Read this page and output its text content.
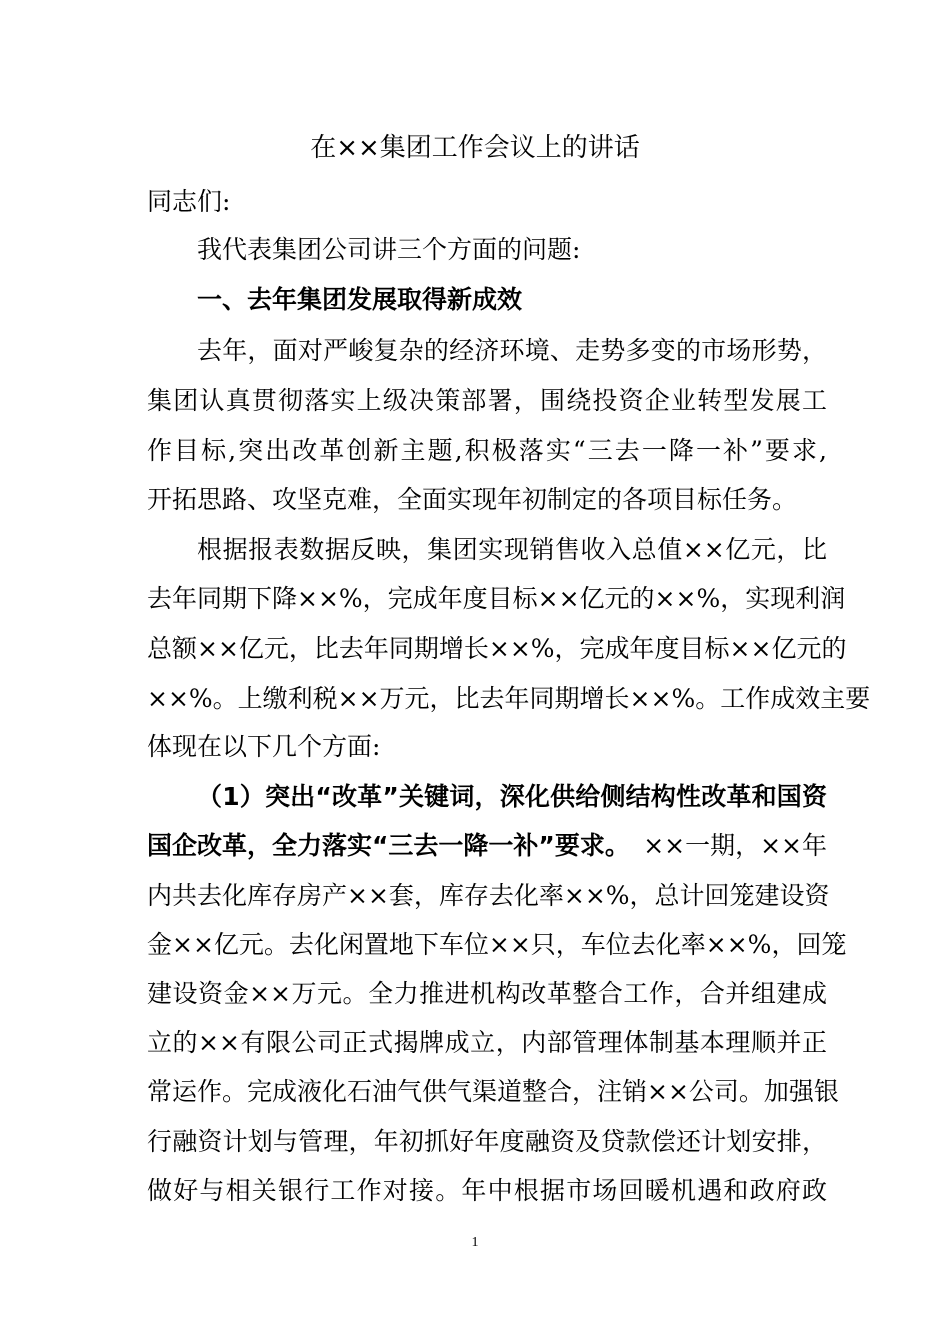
在××集团工作会议上的讲话
同志们:
我代表集团公司讲三个方面的问题:
一、去年集团发展取得新成效
去年，面对严峻复杂的经济环境、走势多变的市场形势，
集团认真贯彻落实上级决策部署，围绕投资企业转型发展工
作目标,突出改革创新主题,积极落实“三去一降一补”要求,
开拓思路、攻坚克难，全面实现年初制定的各项目标任务。
根据报表数据反映，集团实现销售收入总值××亿元，比
去年同期下降××%，完成年度目标××亿元的××%，实现利润
总额××亿元，比去年同期增长××%，完成年度目标××亿元的
××%。上缴利税××万元，比去年同期增长××%。工作成效主要
体现在以下几个方面:
（1）突出“改革”关键词，深化供给侧结构性改革和国资
国企改革，全力落实“三去一降一补”要求。 ××一期，××年
内共去化库存房产××套，库存去化率××%，总计回笼建设资
金××亿元。去化闲置地下车位××只，车位去化率××%，回笼
建设资金××万元。全力推进机构改革整合工作，合并组建成
立的××有限公司正式揭牌成立，内部管理体制基本理顺并正
常运作。完成液化石油气供气渠道整合，注销××公司。加强银
行融资计划与管理，年初抓好年度融资及贷款偿还计划安排，
做好与相关银行工作对接。年中根据市场回暖机遇和政府政
1
